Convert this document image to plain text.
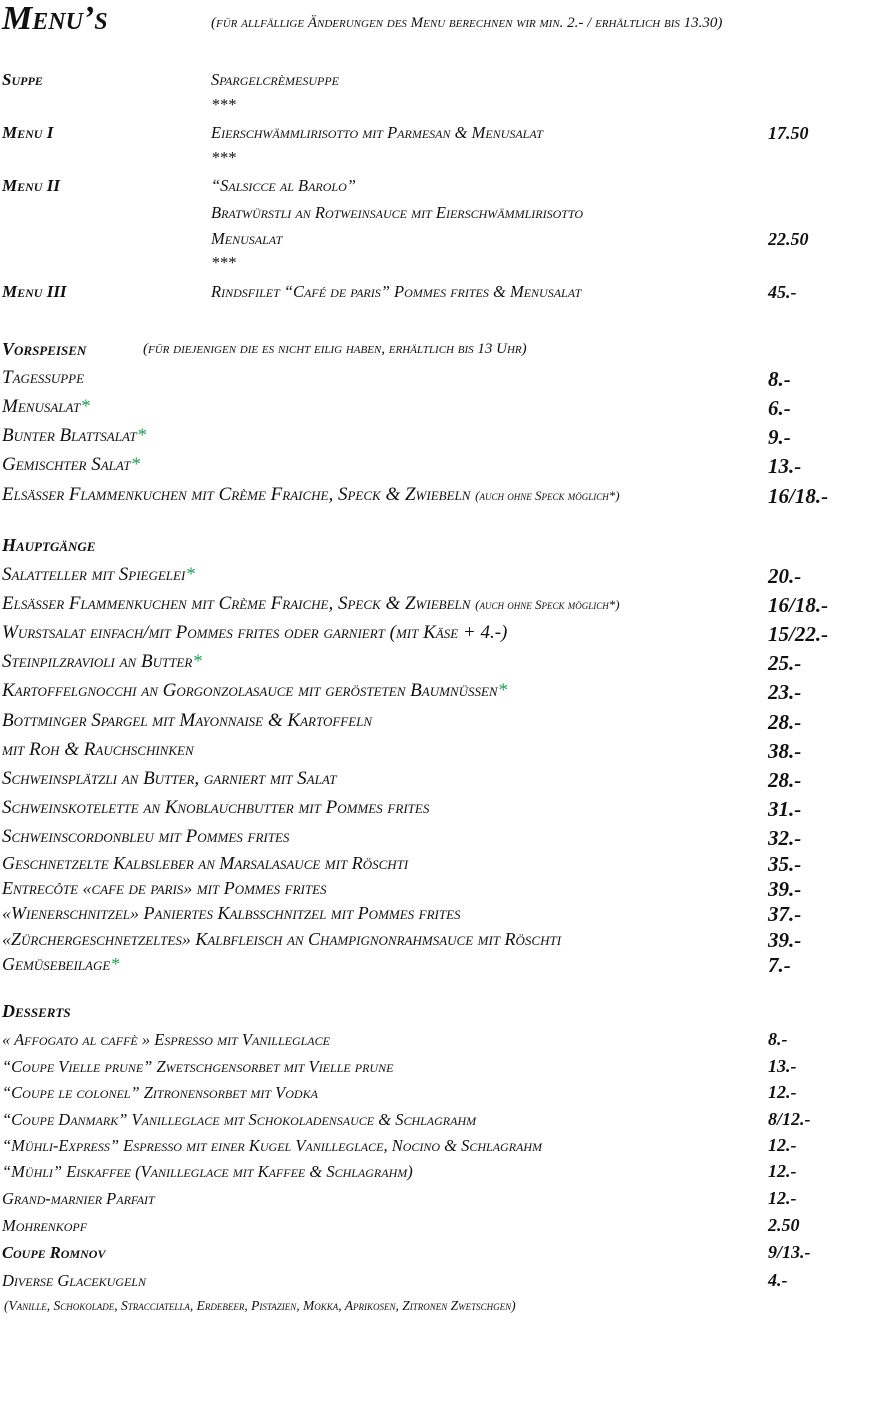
Menu’s	(für allfällige Änderungen des Menu berechnen wir min. 2.- / erhältlich bis 13.30)
Suppe	Spargelcrèmesuppe
***
Menu I	Eierschwämmlirisotto mit Parmesan & Menusalat	17.50
***
Menu II	“Salsicce al Barolo”
Bratwürstli an Rotweinsauce mit Eierschwämmlirisotto
Menusalat	22.50
***
Menu III	Rindsfilet “Café de paris” Pommes frites & Menusalat	45.-
Vorspeisen	(für diejenigen die es nicht eilig haben, erhältlich bis 13 Uhr)
Tagessuppe	8.-
Menusalat*	6.-
Bunter Blattsalat*	9.-
Gemischter Salat*	13.-
Elsässer Flammenkuchen mit Crème Fraiche, Speck & Zwiebeln (auch ohne Speck möglich*)	16/18.-
Hauptgänge
Salatteller mit Spiegelei*	20.-
Elsässer Flammenkuchen mit Crème Fraiche, Speck & Zwiebeln (auch ohne Speck möglich*)	16/18.-
Wurstsalat einfach/mit Pommes frites oder garniert (mit Käse + 4.-)	15/22.-
Steinpilzravioli an Butter*	25.-
Kartoffelgnocchi an Gorgonzolasauce mit gerösteten Baumnüssen*	23.-
Bottminger Spargel mit Mayonnaise & Kartoffeln	28.-
mit Roh & Rauchschinken	38.-
Schweinsplätzli an Butter, garniert mit Salat	28.-
Schweinskotelette an Knoblauchbutter mit Pommes frites	31.-
Schweinscordonbleu mit Pommes frites	32.-
Geschnetzelte Kalbsleber an Marsalasauce mit Röschti	35.-
Entrecôte «cafe de paris» mit Pommes frites	39.-
«Wienerschnitzel» Paniertes Kalbsschnitzel mit Pommes frites	37.-
«Zürchergeschnetzeltes» Kalbfleisch an Champignonrahmsauce mit Röschti	39.-
Gemüsebeilage*	7.-
Desserts
« Affogato al caffè » Espresso mit Vanilleglace	8.-
“Coupe Vielle prune” Zwetschgensorbet mit Vielle prune	13.-
“Coupe le colonel” Zitronensorbet mit Vodka	12.-
“Coupe Danmark” Vanilleglace mit Schokoladensauce & Schlagrahm	8/12.-
“Mühli-Express” Espresso mit einer Kugel Vanilleglace, Nocino & Schlagrahm	12.-
“Mühli” Eiskaffee (Vanilleglace mit Kaffee & Schlagrahm)	12.-
Grand-marnier Parfait	12.-
Mohrenkopf	2.50
Coupe Romnov	9/13.-
Diverse Glacekugeln	4.-
(Vanille, Schokolade, Stracciatella, Erdebeer, Pistazien, Mokka, Aprikosen, Zitronen Zwetschgen)
